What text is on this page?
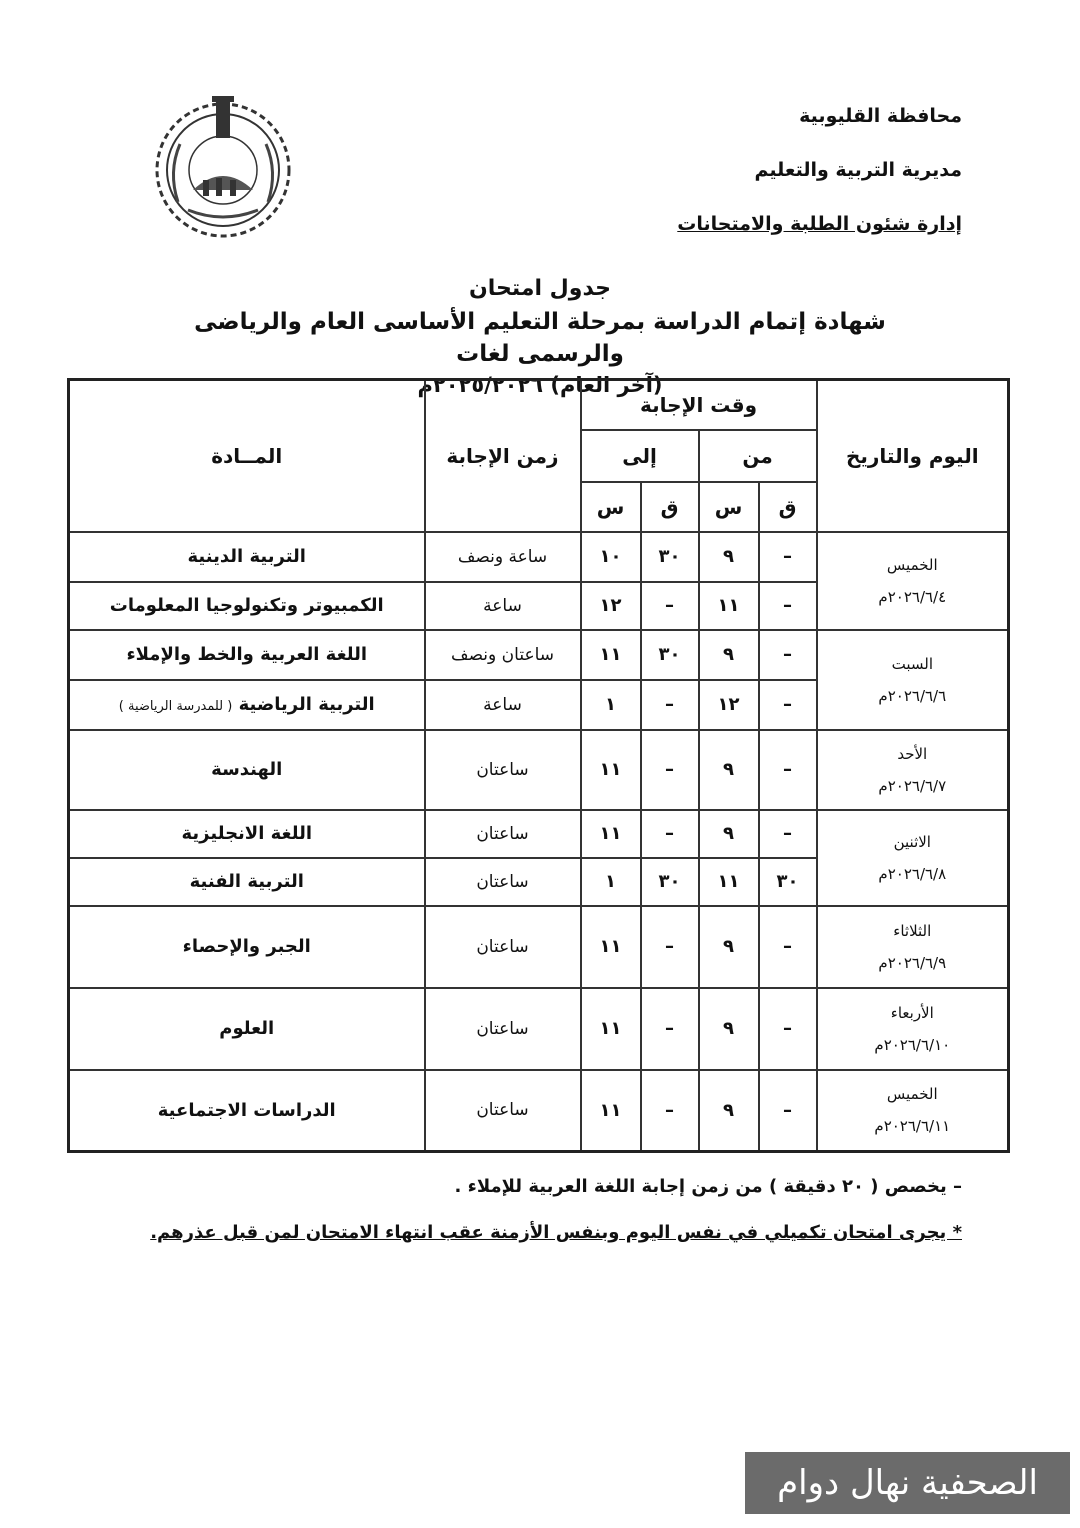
محافظة القليوبية
مديرية التربية والتعليم
إدارة شئون الطلبة والامتحانات
جدول امتحان
شهادة إتمام الدراسة بمرحلة التعليم الأساسى العام والرياضى والرسمى لغات
(آخر العام) ٢٠٢٥/٢٠٢٦م
اليوم والتاريخ	وقت الإجابة				زمن الإجابة	المــادة
	من		إلى			
	ق	س	ق	س		

الخميس
٢٠٢٦/٦/٤م	–	٩	٣٠	١٠	ساعة ونصف	التربية الدينية
	–	١١	–	١٢	ساعة	الكمبيوتر وتكنولوجيا المعلومات

السبت
٢٠٢٦/٦/٦م	–	٩	٣٠	١١	ساعتان ونصف	اللغة العربية والخط والإملاء
	–	١٢	–	١	ساعة	التربية الرياضية ( للمدرسة الرياضية )

الأحد
٢٠٢٦/٦/٧م	–	٩	–	١١	ساعتان	الهندسة

الاثنين
٢٠٢٦/٦/٨م	–	٩	–	١١	ساعتان	اللغة الانجليزية
	٣٠	١١	٣٠	١	ساعتان	التربية الفنية

الثلاثاء
٢٠٢٦/٦/٩م	–	٩	–	١١	ساعتان	الجبر والإحصاء

الأربعاء
٢٠٢٦/٦/١٠م	–	٩	–	١١	ساعتان	العلوم

الخميس
٢٠٢٦/٦/١١م	–	٩	–	١١	ساعتان	الدراسات الاجتماعية
– يخصص ( ٢٠ دقيقة ) من زمن إجابة اللغة العربية للإملاء .
* يجرى امتحان تكميلي في نفس اليوم وبنفس الأزمنة عقب انتهاء الامتحان لمن قبل عذرهم.
الصحفية نهال دوام
